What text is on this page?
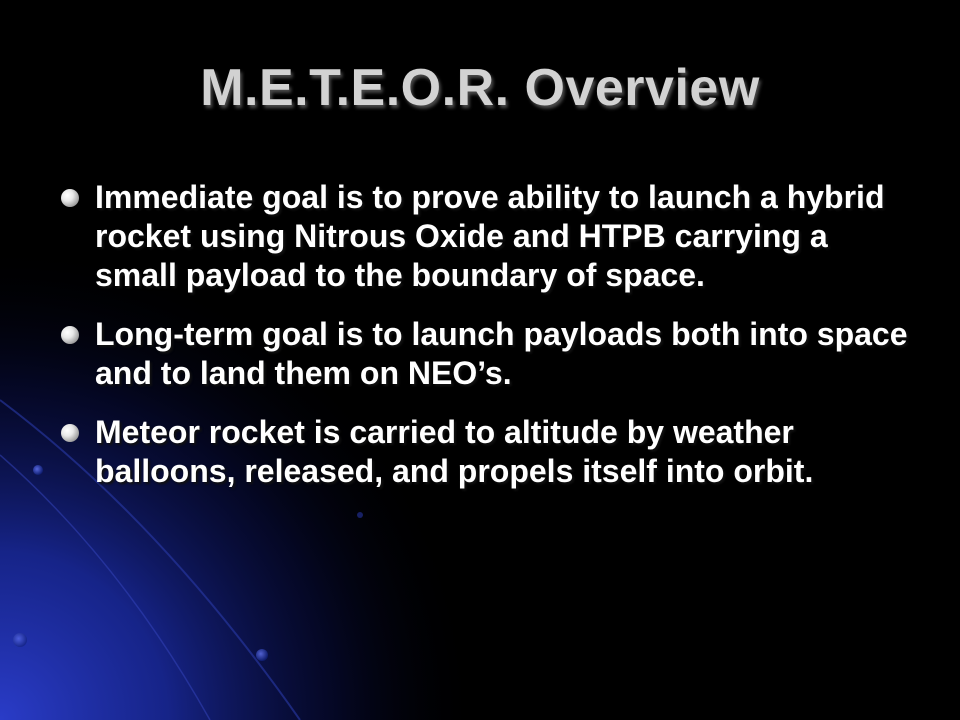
M.E.T.E.O.R. Overview
Immediate goal is to prove ability to launch a hybrid rocket using Nitrous Oxide and HTPB carrying a small payload to the boundary of space.
Long-term goal is to launch payloads both into space and to land them on NEO’s.
Meteor rocket is carried to altitude by weather balloons, released, and propels itself into orbit.
